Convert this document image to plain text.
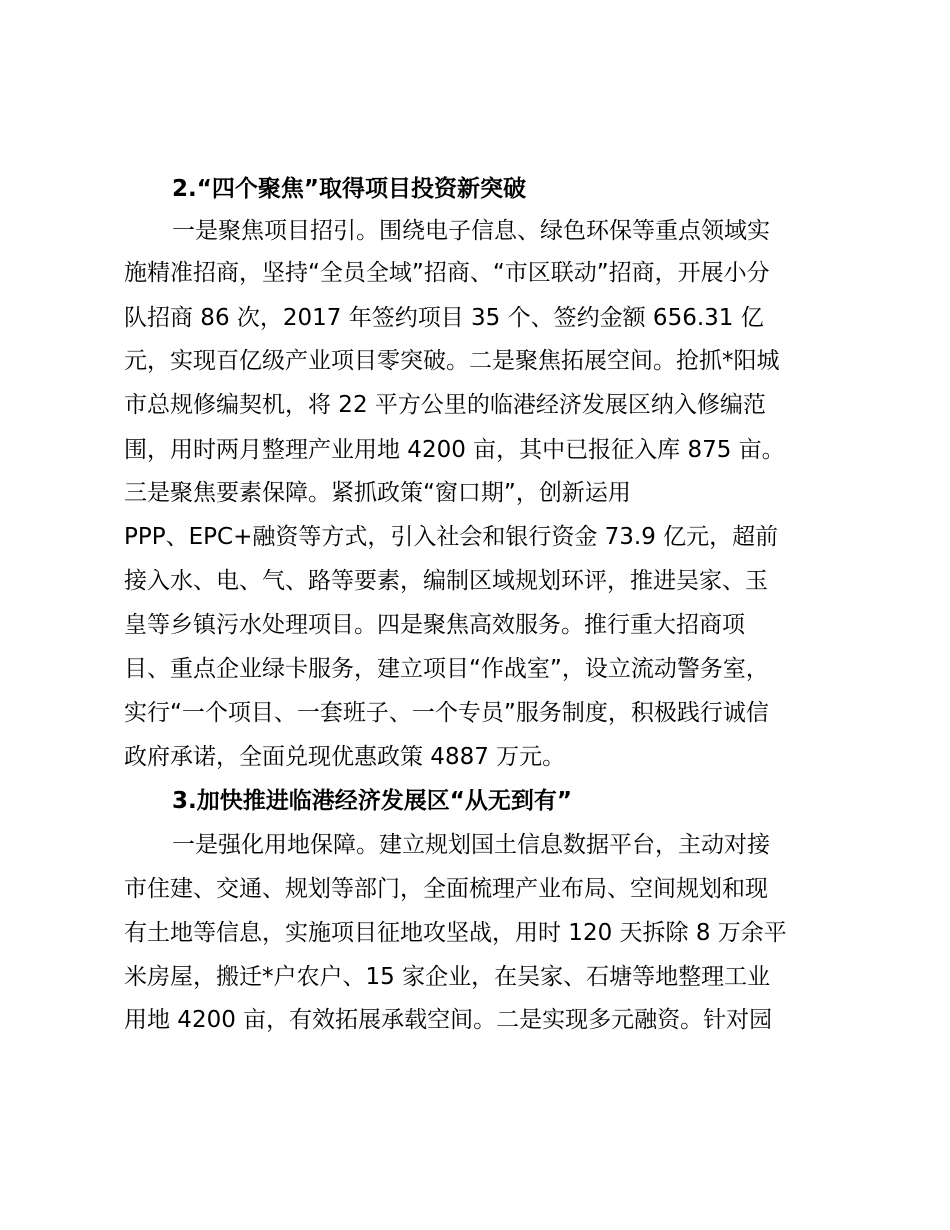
2.“四个聚焦”取得项目投资新突破
一是聚焦项目招引。围绕电子信息、绿色环保等重点领域实
施精准招商，坚持“全员全域”招商、“市区联动”招商，开展小分
队招商 86 次，2017 年签约项目 35 个、签约金额 656.31 亿
元，实现百亿级产业项目零突破。二是聚焦拓展空间。抢抓*阳城
市总规修编契机，将 22 平方公里的临港经济发展区纳入修编范
围，用时两月整理产业用地 4200 亩，其中已报征入库 875 亩。
三是聚焦要素保障。紧抓政策“窗口期”，创新运用
PPP、EPC+融资等方式，引入社会和银行资金 73.9 亿元，超前
接入水、电、气、路等要素，编制区域规划环评，推进吴家、玉
皇等乡镇污水处理项目。四是聚焦高效服务。推行重大招商项
目、重点企业绿卡服务，建立项目“作战室”，设立流动警务室，
实行“一个项目、一套班子、一个专员”服务制度，积极践行诚信
政府承诺，全面兑现优惠政策 4887 万元。
3.加快推进临港经济发展区“从无到有”
一是强化用地保障。建立规划国土信息数据平台，主动对接
市住建、交通、规划等部门，全面梳理产业布局、空间规划和现
有土地等信息，实施项目征地攻坚战，用时 120 天拆除 8 万余平
米房屋，搬迁*户农户、15 家企业，在吴家、石塘等地整理工业
用地 4200 亩，有效拓展承载空间。二是实现多元融资。针对园
